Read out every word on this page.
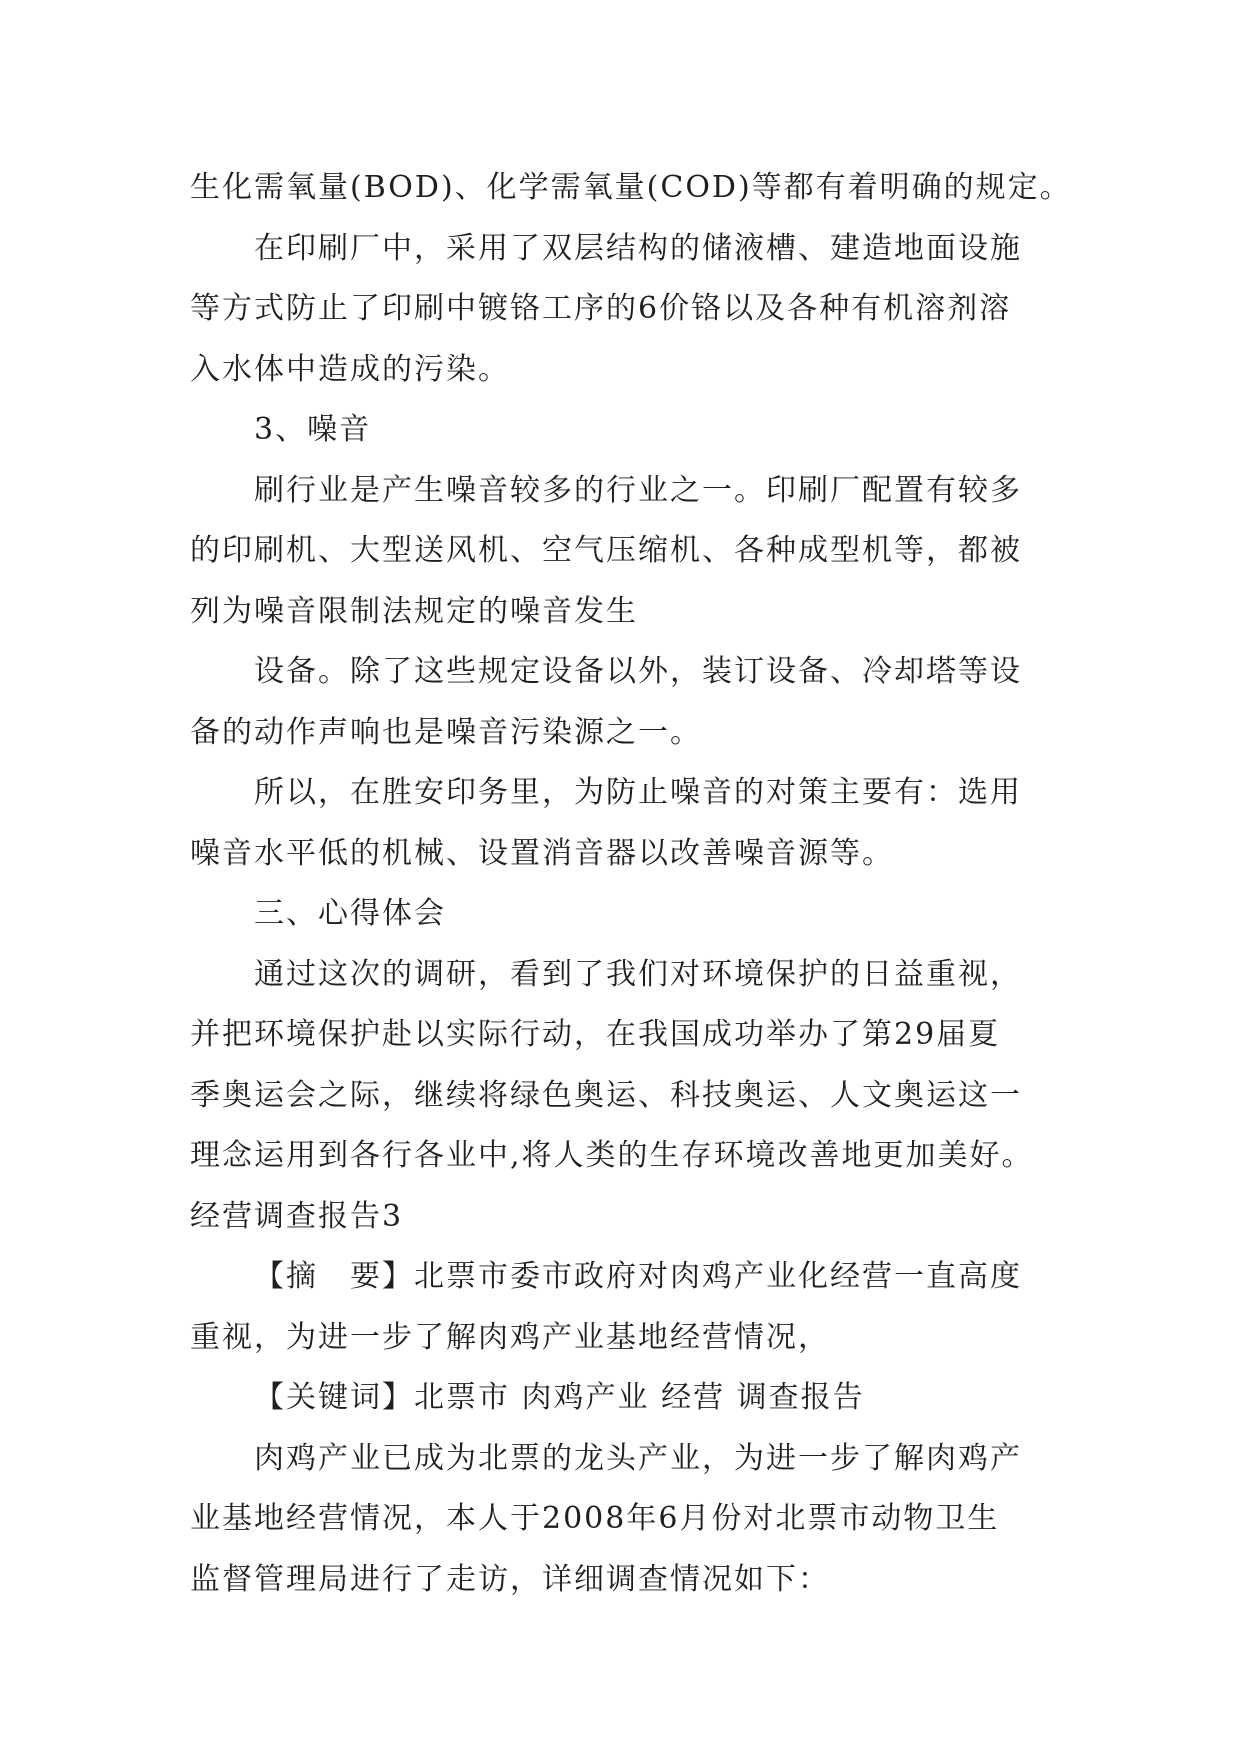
生化需氧量(BOD)、化学需氧量(COD)等都有着明确的规定。
在印刷厂中，采用了双层结构的储液槽、建造地面设施
等方式防止了印刷中镀铬工序的6价铬以及各种有机溶剂溶
入水体中造成的污染。
3、噪音
刷行业是产生噪音较多的行业之一。印刷厂配置有较多
的印刷机、大型送风机、空气压缩机、各种成型机等，都被
列为噪音限制法规定的噪音发生
设备。除了这些规定设备以外，装订设备、冷却塔等设
备的动作声响也是噪音污染源之一。
所以，在胜安印务里，为防止噪音的对策主要有：选用
噪音水平低的机械、设置消音器以改善噪音源等。
三、心得体会
通过这次的调研，看到了我们对环境保护的日益重视，
并把环境保护赴以实际行动，在我国成功举办了第29届夏
季奥运会之际，继续将绿色奥运、科技奥运、人文奥运这一
理念运用到各行各业中,将人类的生存环境改善地更加美好。
经营调查报告3
【摘　要】北票市委市政府对肉鸡产业化经营一直高度
重视，为进一步了解肉鸡产业基地经营情况，
【关键词】北票市 肉鸡产业 经营 调查报告
肉鸡产业已成为北票的龙头产业，为进一步了解肉鸡产
业基地经营情况，本人于2008年6月份对北票市动物卫生
监督管理局进行了走访，详细调查情况如下：
